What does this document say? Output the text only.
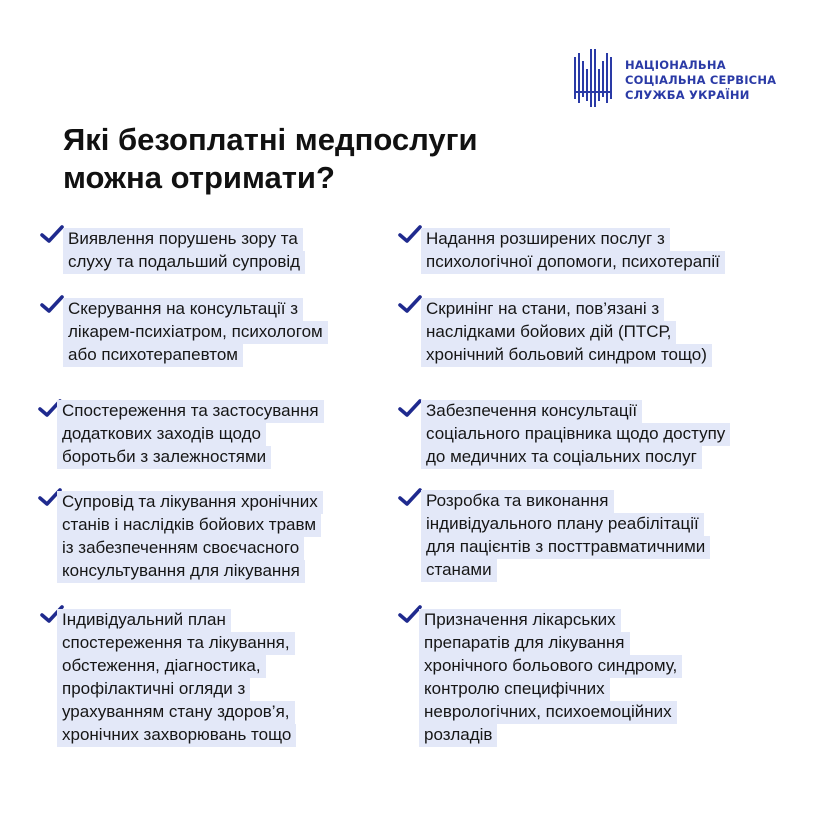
НАЦІОНАЛЬНА
СОЦІАЛЬНА СЕРВІСНА
СЛУЖБА УКРАЇНИ
Які безоплатні медпослуги
можна отримати?
Виявлення порушень зору та
слуху та подальший супровід
Скерування на консультації з
лікарем-психіатром, психологом
або психотерапевтом
Спостереження та застосування
додаткових заходів щодо
боротьби з залежностями
Супровід та лікування хронічних
станів і наслідків бойових травм
із забезпеченням своєчасного
консультування для лікування
Індивідуальний план
спостереження та лікування,
обстеження, діагностика,
профілактичні огляди з
урахуванням стану здоров’я,
хронічних захворювань тощо
Надання розширених послуг з
психологічної допомоги, психотерапії
Скринінг на стани, пов’язані з
наслідками бойових дій (ПТСР,
хронічний больовий синдром тощо)
Забезпечення консультації
соціального працівника щодо доступу
до медичних та соціальних послуг
Розробка та виконання
індивідуального плану реабілітації
для пацієнтів з посттравматичними
станами
Призначення лікарських
препаратів для лікування
хронічного больового синдрому,
контролю специфічних
неврологічних, психоемоційних
розладів
